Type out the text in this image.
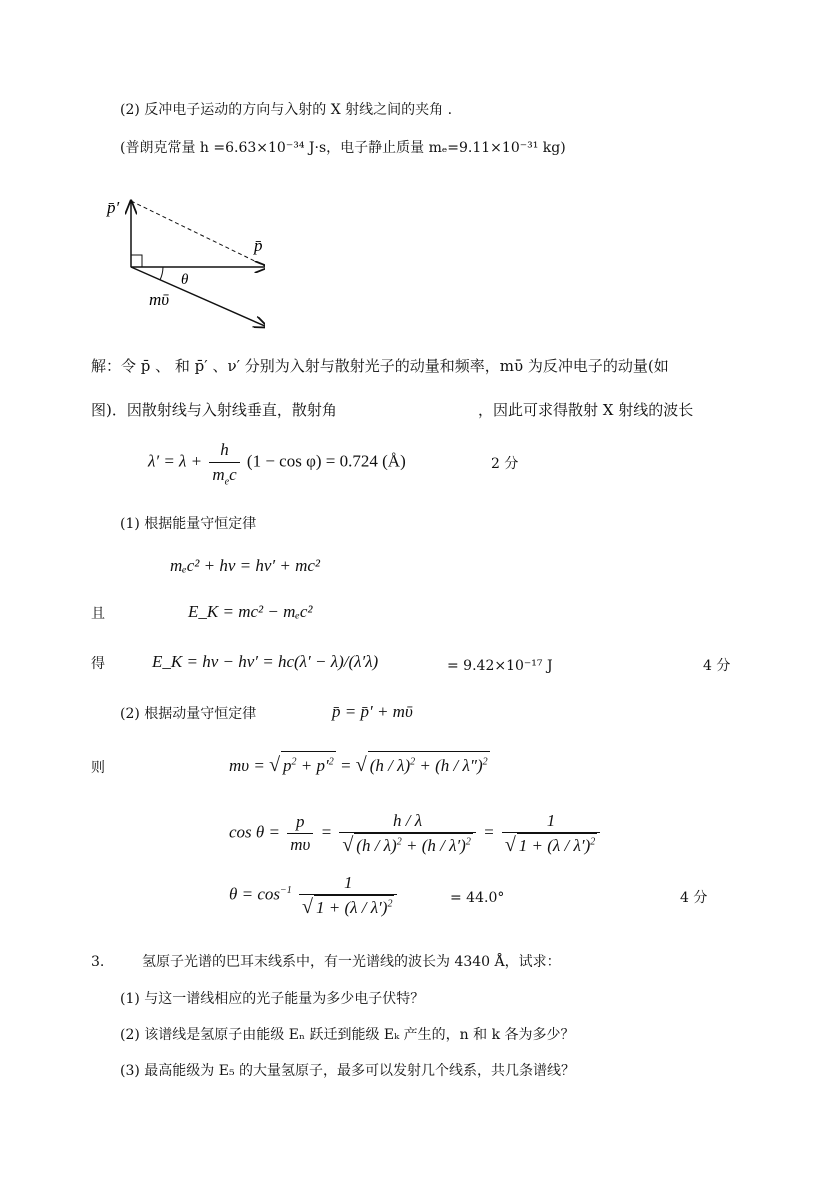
(2) 反冲电子运动的方向与入射的 X 射线之间的夹角 .
(普朗克常量 h =6.63×10⁻³⁴ J·s，电子静止质量 mₑ=9.11×10⁻³¹ kg)
p̄′
p̄
θ
mῡ
解：令 p̄ 、 和 p̄′ 、ν′ 分别为入射与散射光子的动量和频率，mῡ 为反冲电子的动量(如
图)．因散射线与入射线垂直，散射角	，因此可求得散射 X 射线的波长
$\lambda' = \lambda + \frac{h}{m_ec} (1 - \cos \varphi) = 0.724$ (Å)	2 分
(1) 根据能量守恒定律
mₑc² + hν = hν′ + mc²
且	E_K = mc² − mₑc²
得	E_K = hν − hν′ = hc(λ′ − λ)/(λ′λ)	= 9.42×10⁻¹⁷ J	4 分
(2) 根据动量守恒定律	p̄ = p̄′ + mῡ
则	mυ = √ $p^2 + p'^2$ = √ (h / λ)$^2$ + (h / λ″)$^2$
$\cos \theta = \frac{p}{m\upsilon} = \frac{h / \lambda}{√ (h / \lambda)^2 + (h / \lambda')^2} = \frac{1}{√ 1 + (\lambda / \lambda')^2}$
$\theta = \cos^{-1} \frac{1}{√ 1 + (\lambda / \lambda')^2}$	= 44.0°	4 分
3.	氢原子光谱的巴耳末线系中，有一光谱线的波长为 4340 Å，试求：
(1) 与这一谱线相应的光子能量为多少电子伏特？
(2) 该谱线是氢原子由能级 Eₙ 跃迁到能级 Eₖ 产生的，n 和 k 各为多少？
(3) 最高能级为 E₅ 的大量氢原子，最多可以发射几个线系，共几条谱线？
